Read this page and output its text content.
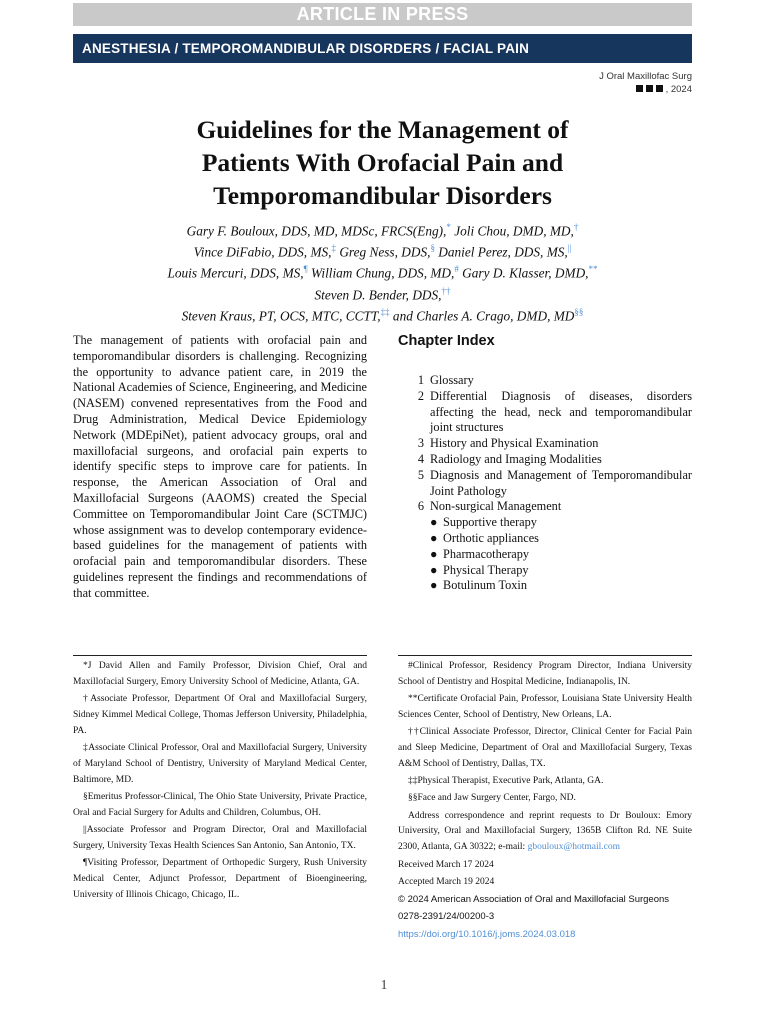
ARTICLE IN PRESS
ANESTHESIA / TEMPOROMANDIBULAR DISORDERS / FACIAL PAIN
J Oral Maxillofac Surg
, 2024
Guidelines for the Management of
Patients With Orofacial Pain and
Temporomandibular Disorders
Gary F. Bouloux, DDS, MD, MDSc, FRCS(Eng),* Joli Chou, DMD, MD,†
Vince DiFabio, DDS, MS,‡ Greg Ness, DDS,§ Daniel Perez, DDS, MS,||
Louis Mercuri, DDS, MS,¶ William Chung, DDS, MD,# Gary D. Klasser, DMD,**
Steven D. Bender, DDS,††
Steven Kraus, PT, OCS, MTC, CCTT,‡‡ and Charles A. Crago, DMD, MD§§
The management of patients with orofacial pain and temporomandibular disorders is challenging. Recognizing the opportunity to advance patient care, in 2019 the National Academies of Science, Engineering, and Medicine (NASEM) convened representatives from the Food and Drug Administration, Medical Device Epidemiology Network (MDEpiNet), patient advocacy groups, oral and maxillofacial surgeons, and orofacial pain experts to identify specific steps to improve care for patients. In response, the American Association of Oral and Maxillofacial Surgeons (AAOMS) created the Special Committee on Temporomandibular Joint Care (SCTMJC) whose assignment was to develop contemporary evidence-based guidelines for the management of patients with orofacial pain and temporomandibular disorders. These guidelines represent the findings and recommendations of that committee.
Chapter Index
1 Glossary
2 Differential Diagnosis of diseases, disorders affecting the head, neck and temporomandibular joint structures
3 History and Physical Examination
4 Radiology and Imaging Modalities
5 Diagnosis and Management of Temporomandibular Joint Pathology
6 Non-surgical Management
● Supportive therapy
● Orthotic appliances
● Pharmacotherapy
● Physical Therapy
● Botulinum Toxin

*J David Allen and Family Professor, Division Chief, Oral and Maxillofacial Surgery, Emory University School of Medicine, Atlanta, GA.

†Associate Professor, Department Of Oral and Maxillofacial Surgery, Sidney Kimmel Medical College, Thomas Jefferson University, Philadelphia, PA.

‡Associate Clinical Professor, Oral and Maxillofacial Surgery, University of Maryland School of Dentistry, University of Maryland Medical Center, Baltimore, MD.

§Emeritus Professor-Clinical, The Ohio State University, Private Practice, Oral and Facial Surgery for Adults and Children, Columbus, OH.

||Associate Professor and Program Director, Oral and Maxillofacial Surgery, University Texas Health Sciences San Antonio, San Antonio, TX.

¶Visiting Professor, Department of Orthopedic Surgery, Rush University Medical Center, Adjunct Professor, Department of Bioengineering, University of Illinois Chicago, Chicago, IL.

#Clinical Professor, Residency Program Director, Indiana University School of Dentistry and Hospital Medicine, Indianapolis, IN.

**Certificate Orofacial Pain, Professor, Louisiana State University Health Sciences Center, School of Dentistry, New Orleans, LA.

††Clinical Associate Professor, Director, Clinical Center for Facial Pain and Sleep Medicine, Department of Oral and Maxillofacial Surgery, Texas A&M School of Dentistry, Dallas, TX.

‡‡Physical Therapist, Executive Park, Atlanta, GA.

§§Face and Jaw Surgery Center, Fargo, ND.

Address correspondence and reprint requests to Dr Bouloux: Emory University, Oral and Maxillofacial Surgery, 1365B Clifton Rd. NE Suite 2300, Atlanta, GA 30322; e-mail: gbouloux@hotmail.com

Received March 17 2024

Accepted March 19 2024

© 2024 American Association of Oral and Maxillofacial Surgeons

0278-2391/24/00200-3

https://doi.org/10.1016/j.joms.2024.03.018

1
